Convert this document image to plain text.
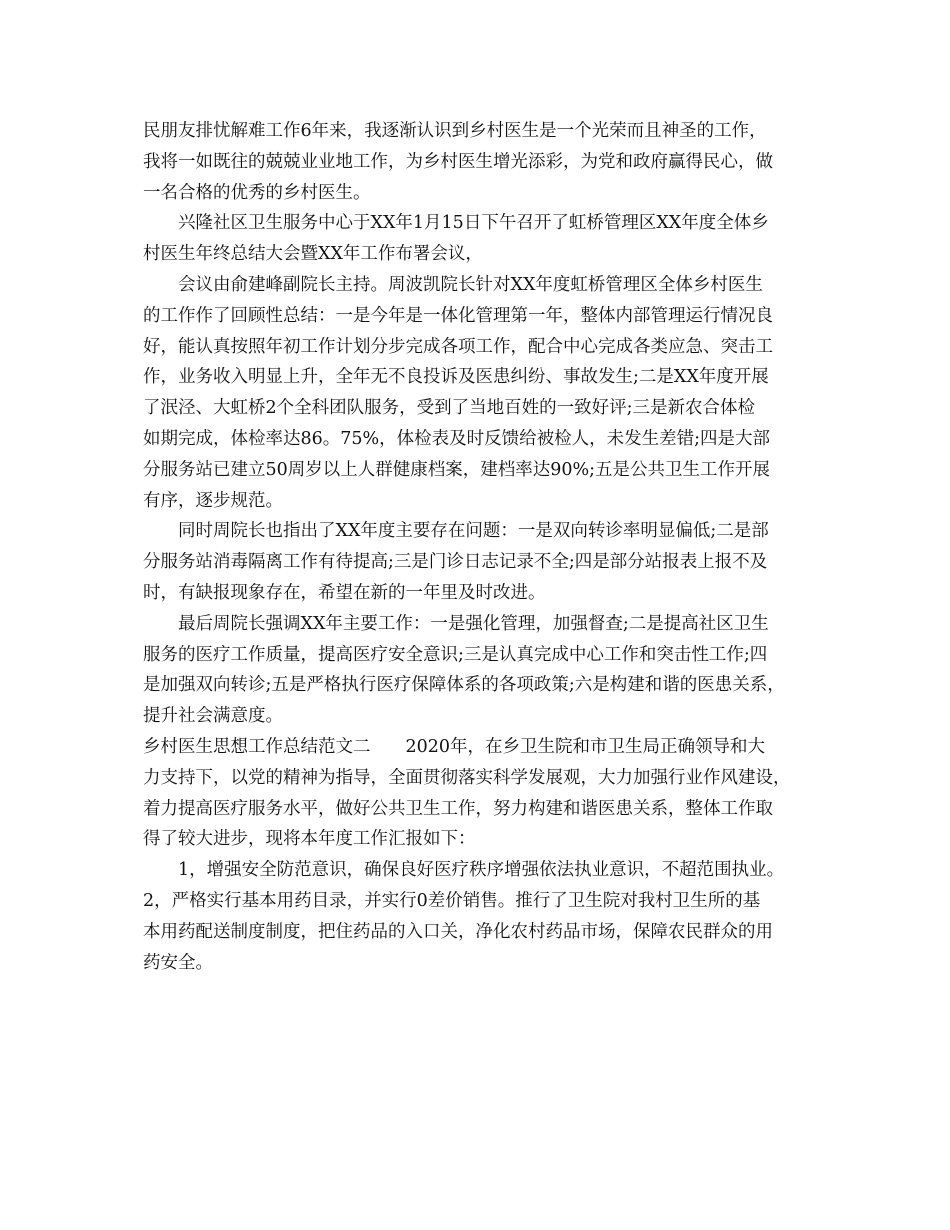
民朋友排忧解难工作6年来，我逐渐认识到乡村医生是一个光荣而且神圣的工作，
我将一如既往的兢兢业业地工作，为乡村医生增光添彩，为党和政府赢得民心，做
一名合格的优秀的乡村医生。
兴隆社区卫生服务中心于XX年1月15日下午召开了虹桥管理区XX年度全体乡
村医生年终总结大会暨XX年工作布署会议，
会议由俞建峰副院长主持。周波凯院长针对XX年度虹桥管理区全体乡村医生
的工作作了回顾性总结：一是今年是一体化管理第一年，整体内部管理运行情况良
好，能认真按照年初工作计划分步完成各项工作，配合中心完成各类应急、突击工
作，业务收入明显上升，全年无不良投诉及医患纠纷、事故发生;二是XX年度开展
了泯泾、大虹桥2个全科团队服务，受到了当地百姓的一致好评;三是新农合体检
如期完成，体检率达86。75%，体检表及时反馈给被检人，未发生差错;四是大部
分服务站已建立50周岁以上人群健康档案，建档率达90%;五是公共卫生工作开展
有序，逐步规范。
同时周院长也指出了XX年度主要存在问题：一是双向转诊率明显偏低;二是部
分服务站消毒隔离工作有待提高;三是门诊日志记录不全;四是部分站报表上报不及
时，有缺报现象存在，希望在新的一年里及时改进。
最后周院长强调XX年主要工作：一是强化管理，加强督查;二是提高社区卫生
服务的医疗工作质量，提高医疗安全意识;三是认真完成中心工作和突击性工作;四
是加强双向转诊;五是严格执行医疗保障体系的各项政策;六是构建和谐的医患关系，
提升社会满意度。
乡村医生思想工作总结范文二　　2020年，在乡卫生院和市卫生局正确领导和大
力支持下，以党的精神为指导，全面贯彻落实科学发展观，大力加强行业作风建设，
着力提高医疗服务水平，做好公共卫生工作，努力构建和谐医患关系，整体工作取
得了较大进步，现将本年度工作汇报如下：
1，增强安全防范意识，确保良好医疗秩序增强依法执业意识，不超范围执业。
2，严格实行基本用药目录，并实行0差价销售。推行了卫生院对我村卫生所的基
本用药配送制度制度，把住药品的入口关，净化农村药品市场，保障农民群众的用
药安全。
